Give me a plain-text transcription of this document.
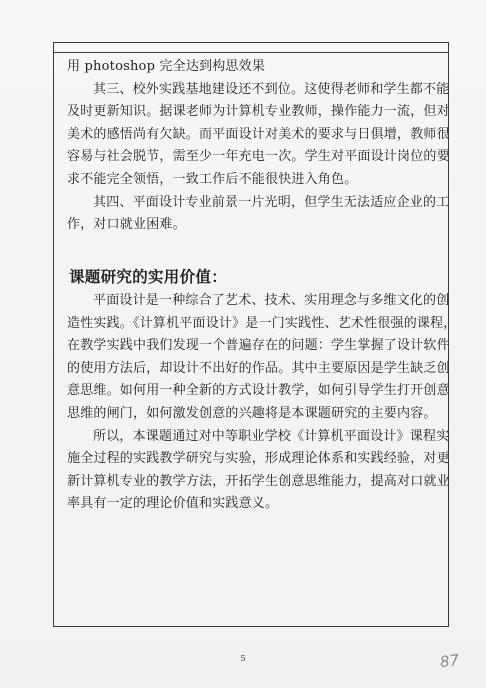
用 photoshop 完全达到构思效果
其三、校外实践基地建设还不到位。这使得老师和学生都不能
及时更新知识。据课老师为计算机专业教师，操作能力一流，但对
美术的感悟尚有欠缺。而平面设计对美术的要求与日俱增，教师很
容易与社会脱节，需至少一年充电一次。学生对平面设计岗位的要
求不能完全领悟，一致工作后不能很快进入角色。
其四、平面设计专业前景一片光明，但学生无法适应企业的工
作，对口就业困难。
课题研究的实用价值：
平面设计是一种综合了艺术、技术、实用理念与多维文化的创
造性实践。《计算机平面设计》是一门实践性、艺术性很强的课程，
在教学实践中我们发现一个普遍存在的问题：学生掌握了设计软件
的使用方法后，却设计不出好的作品。其中主要原因是学生缺乏创
意思维。如何用一种全新的方式设计教学，如何引导学生打开创意
思维的闸门，如何激发创意的兴趣将是本课题研究的主要内容。
所以，本课题通过对中等职业学校《计算机平面设计》课程实
施全过程的实践教学研究与实验，形成理论体系和实践经验，对更
新计算机专业的教学方法，开拓学生创意思维能力，提高对口就业
率具有一定的理论价值和实践意义。
5	87
